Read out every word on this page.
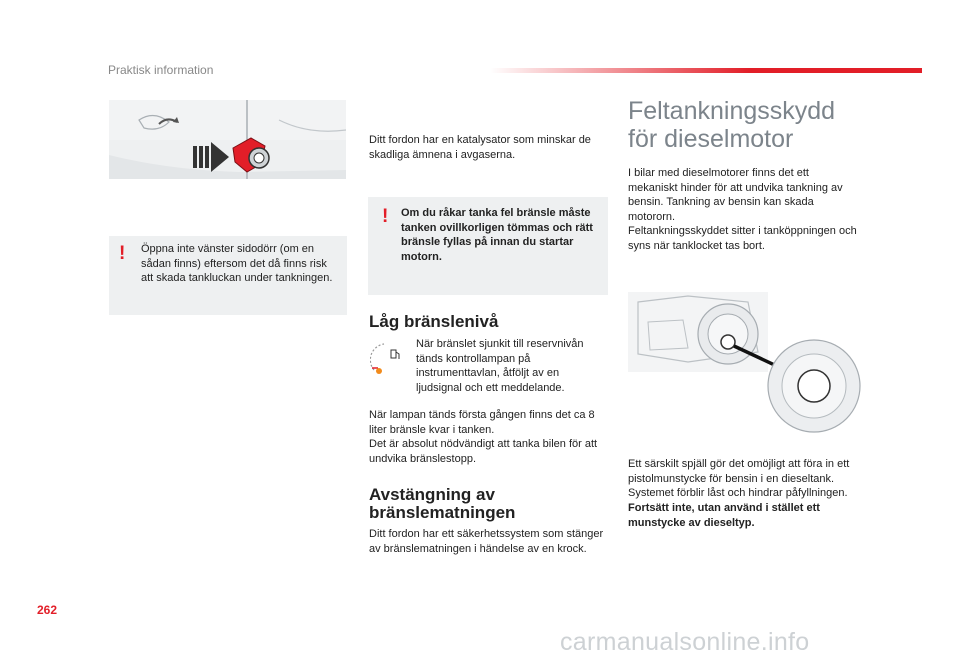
Praktisk information
! Öppna inte vänster sidodörr (om en sådan finns) eftersom det då finns risk att skada tankluckan under tankningen.

Ditt fordon har en katalysator som minskar de skadliga ämnena i avgaserna.

! Om du råkar tanka fel bränsle måste tanken ovillkorligen tömmas och rätt bränsle fyllas på innan du startar motorn.

Låg bränslenivå

När bränslet sjunkit till reservnivån tänds kontrollampan på instrumenttavlan, åtföljt av en ljudsignal och ett meddelande.

När lampan tänds första gången finns det ca 8 liter bränsle kvar i tanken.

Det är absolut nödvändigt att tanka bilen för att undvika bränslestopp.

Avstängning av
bränslematningen

Ditt fordon har ett säkerhetssystem som stänger av bränslematningen i händelse av en krock.

Feltankningsskydd
för dieselmotor

I bilar med dieselmotorer finns det ett mekaniskt hinder för att undvika tankning av bensin. Tankning av bensin kan skada motororn.

Feltankningsskyddet sitter i tanköppningen och syns när tanklocket tas bort.

Ett särskilt spjäll gör det omöjligt att föra in ett pistolmunstycke för bensin i en dieseltank. Systemet förblir låst och hindrar påfyllningen.

Fortsätt inte, utan använd i stället ett munstycke av dieseltyp.

262
carmanualsonline.info
